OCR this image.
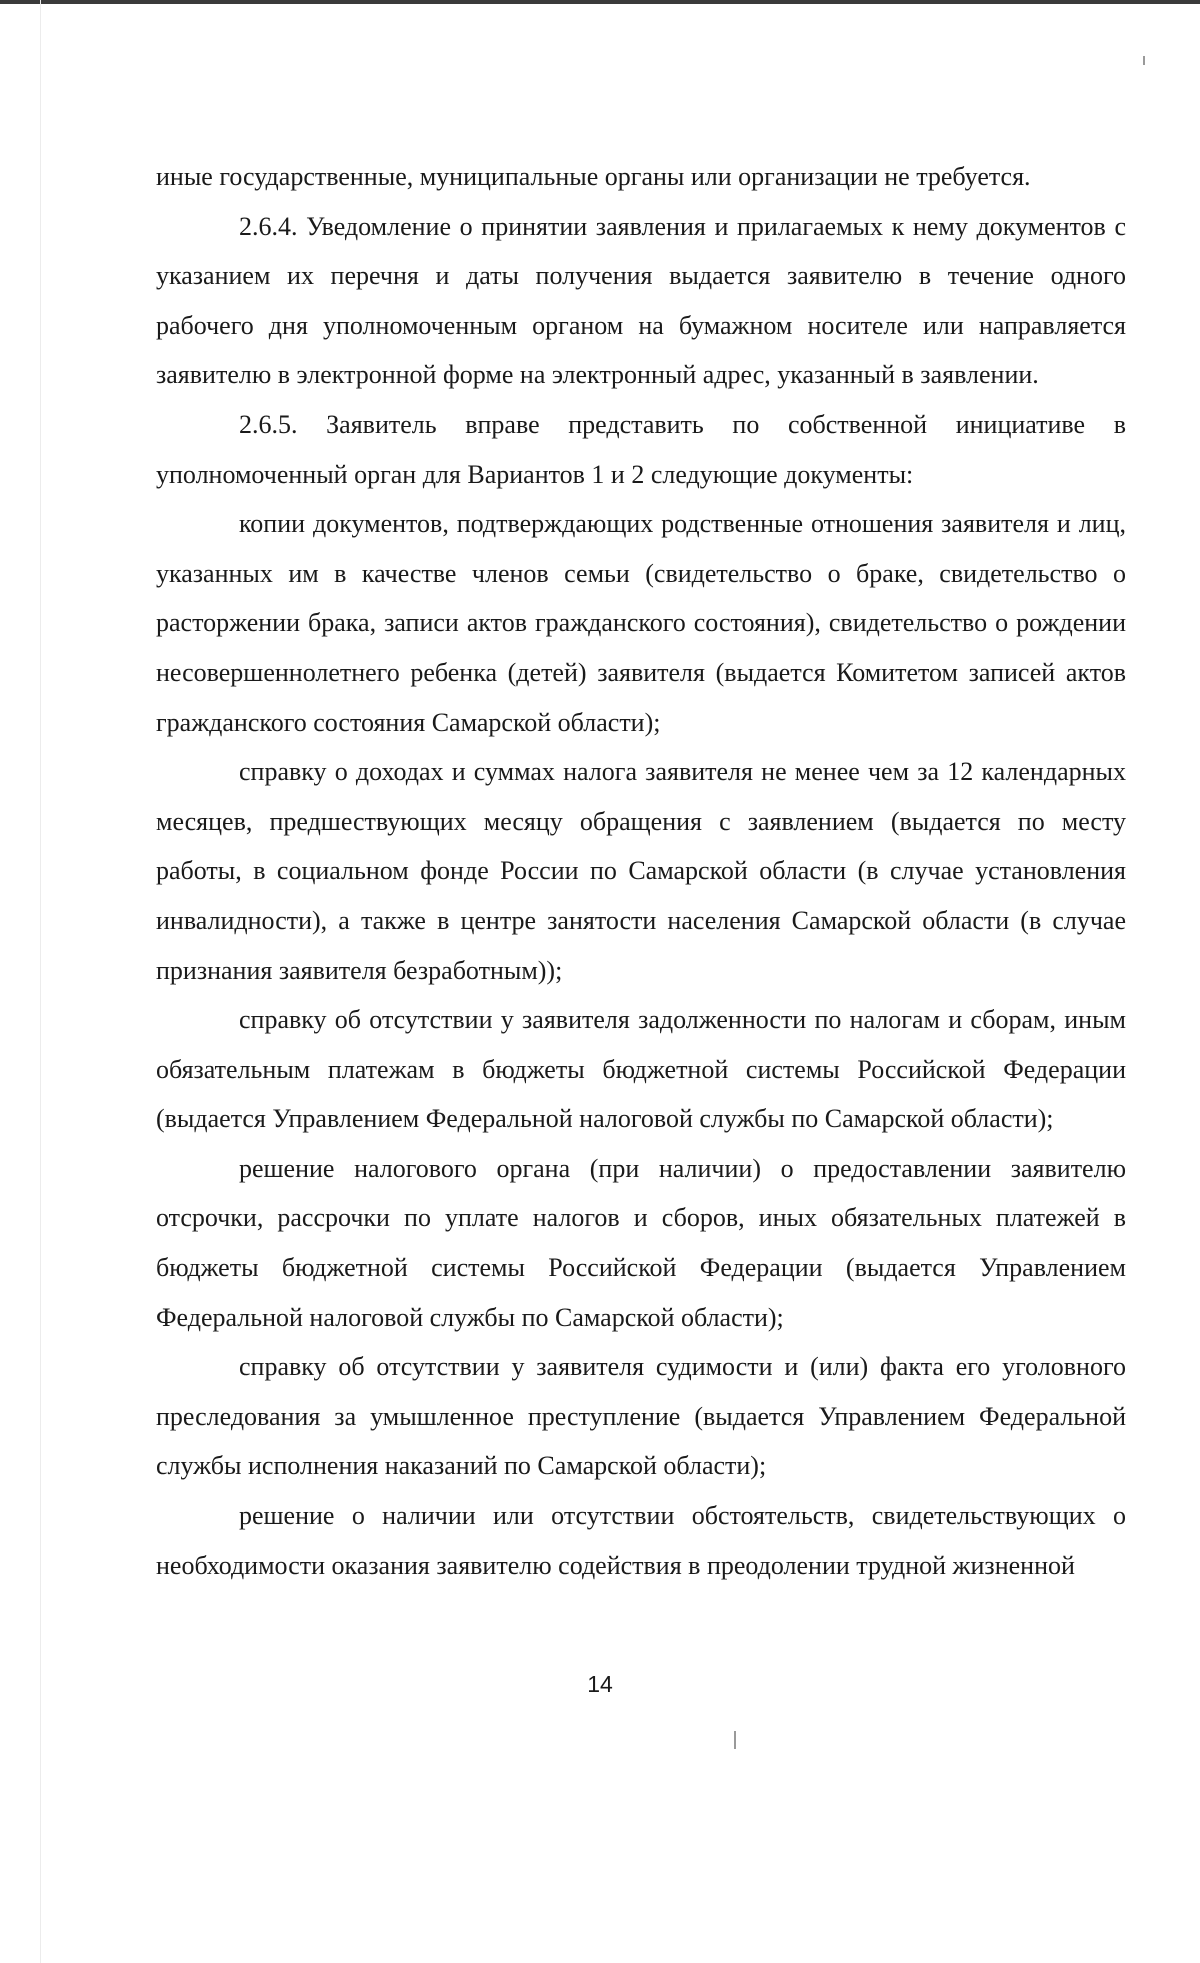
иные государственные, муниципальные органы или организации не требуется.

2.6.4. Уведомление о принятии заявления и прилагаемых к нему документов с указанием их перечня и даты получения выдается заявителю в течение одного рабочего дня уполномоченным органом на бумажном носителе или направляется заявителю в электронной форме на электронный адрес, указанный в заявлении.

2.6.5. Заявитель вправе представить по собственной инициативе в уполномоченный орган для Вариантов 1 и 2 следующие документы:

копии документов, подтверждающих родственные отношения заявителя и лиц, указанных им в качестве членов семьи (свидетельство о браке, свидетельство о расторжении брака, записи актов гражданского состояния), свидетельство о рождении несовершеннолетнего ребенка (детей) заявителя (выдается Комитетом записей актов гражданского состояния Самарской области);

справку о доходах и суммах налога заявителя не менее чем за 12 календарных месяцев, предшествующих месяцу обращения с заявлением (выдается по месту работы, в социальном фонде России по Самарской области (в случае установления инвалидности), а также в центре занятости населения Самарской области (в случае признания заявителя безработным));

справку об отсутствии у заявителя задолженности по налогам и сборам, иным обязательным платежам в бюджеты бюджетной системы Российской Федерации (выдается Управлением Федеральной налоговой службы по Самарской области);

решение налогового органа (при наличии) о предоставлении заявителю отсрочки, рассрочки по уплате налогов и сборов, иных обязательных платежей в бюджеты бюджетной системы Российской Федерации (выдается Управлением Федеральной налоговой службы по Самарской области);

справку об отсутствии у заявителя судимости и (или) факта его уголовного преследования за умышленное преступление (выдается Управлением Федеральной службы исполнения наказаний по Самарской области);

решение о наличии или отсутствии обстоятельств, свидетельствующих о необходимости оказания заявителю содействия в преодолении трудной жизненной

14
